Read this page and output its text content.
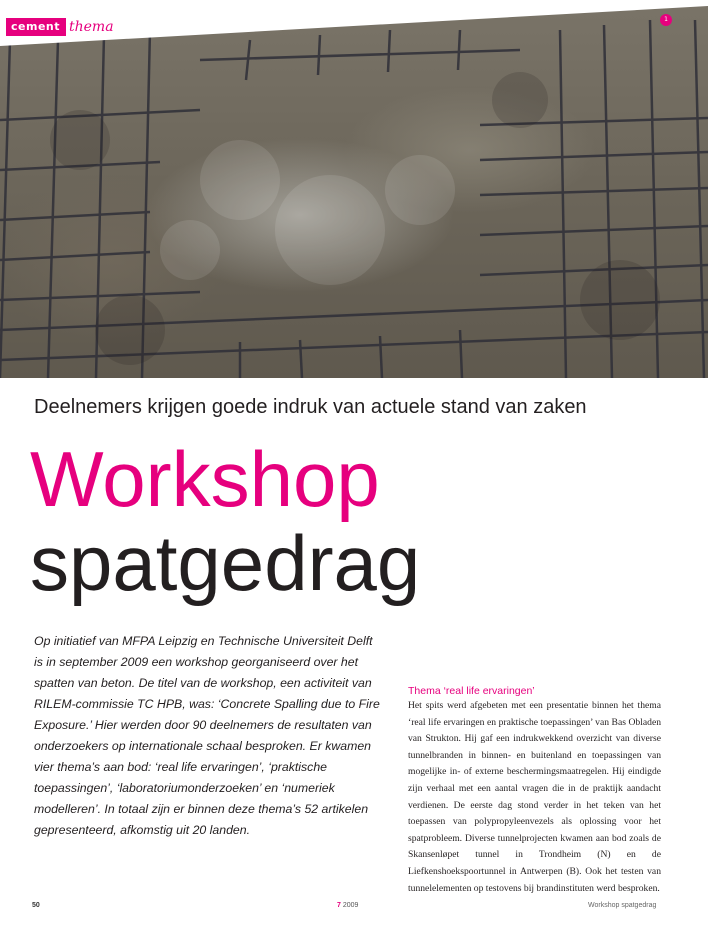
cement thema	1
Deelnemers krijgen goede indruk van actuele stand van zaken
Workshop
spatgedrag

Op initiatief van MFPA Leipzig en Technische Universiteit Delft is in september 2009 een workshop georganiseerd over het spatten van beton. De titel van de workshop, een activiteit van RILEM-commissie TC HPB, was: ‘Concrete Spalling due to Fire Exposure.’ Hier werden door 90 deelnemers de resultaten van onderzoekers op internationale schaal besproken. Er kwamen vier thema’s aan bod: ‘real life ervaringen’, ‘praktische toepassingen’, ‘laboratoriumonderzoeken’ en ‘numeriek modelleren’. In totaal zijn er binnen deze thema’s 52 artikelen gepresenteerd, afkomstig uit 20 landen.

Thema ‘real life ervaringen’

Het spits werd afgebeten met een presentatie binnen het thema ‘real life ervaringen en praktische toepassingen’ van Bas Obladen van Strukton. Hij gaf een indrukwekkend overzicht van diverse tunnelbranden in binnen- en buitenland en toepassingen van mogelijke in- of externe beschermingsmaatregelen. Hij eindigde zijn verhaal met een aantal vragen die in de praktijk aandacht verdienen. De eerste dag stond verder in het teken van het toepassen van polypropyleenvezels als oplossing voor het spatprobleem. Diverse tunnelprojecten kwamen aan bod zoals de Skansenløpet tunnel in Trondheim (N) en de Liefkenshoekspoortunnel in Antwerpen (B). Ook het testen van tunnelelementen op testovens bij brandinstituten werd besproken.

50	7 2009	Workshop spatgedrag
